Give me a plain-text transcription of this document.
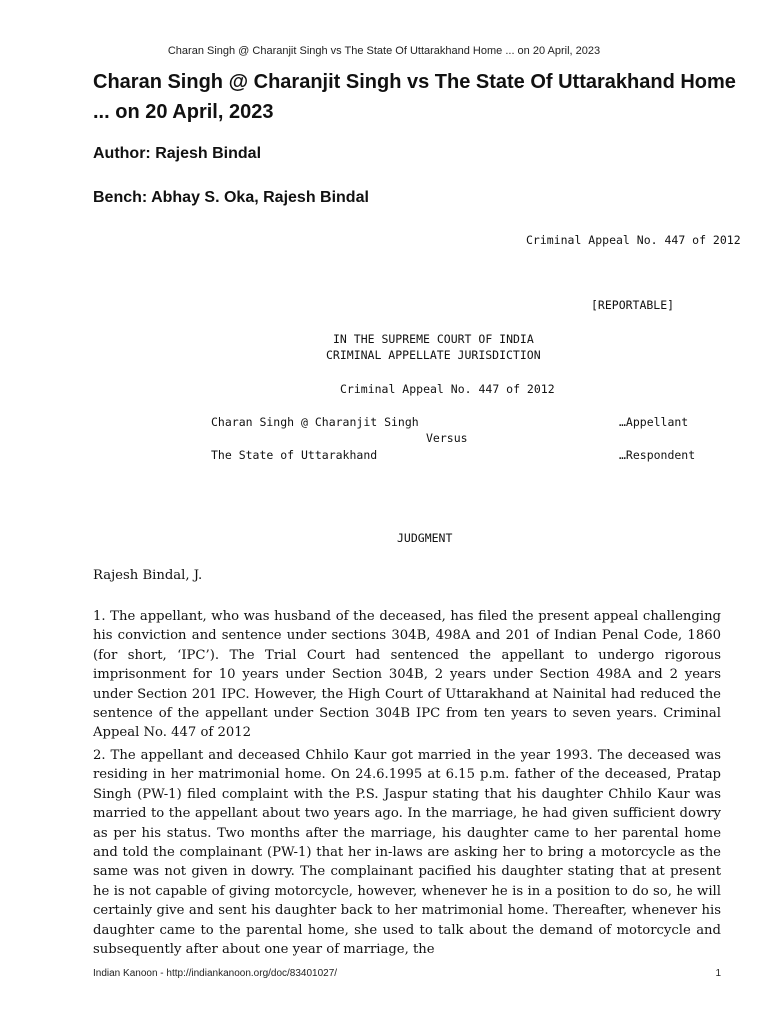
Charan Singh @ Charanjit Singh vs The State Of Uttarakhand Home ... on 20 April, 2023
Charan Singh @ Charanjit Singh vs The State Of Uttarakhand Home ... on 20 April, 2023
Author: Rajesh Bindal
Bench: Abhay S. Oka, Rajesh Bindal
Criminal Appeal No. 447 of 2012
[REPORTABLE]
IN THE SUPREME COURT OF INDIA
CRIMINAL APPELLATE JURISDICTION
Criminal Appeal No. 447 of 2012
Charan Singh @ Charanjit Singh	…Appellant
Versus
The State of Uttarakhand	…Respondent
JUDGMENT

Rajesh Bindal, J.

1. The appellant, who was husband of the deceased, has filed the present appeal challenging his conviction and sentence under sections 304B, 498A and 201 of Indian Penal Code, 1860 (for short, ‘IPC’). The Trial Court had sentenced the appellant to undergo rigorous imprisonment for 10 years under Section 304B, 2 years under Section 498A and 2 years under Section 201 IPC. However, the High Court of Uttarakhand at Nainital had reduced the sentence of the appellant under Section 304B IPC from ten years to seven years. Criminal Appeal No. 447 of 2012

2. The appellant and deceased Chhilo Kaur got married in the year 1993. The deceased was residing in her matrimonial home. On 24.6.1995 at 6.15 p.m. father of the deceased, Pratap Singh (PW-1) filed complaint with the P.S. Jaspur stating that his daughter Chhilo Kaur was married to the appellant about two years ago. In the marriage, he had given sufficient dowry as per his status. Two months after the marriage, his daughter came to her parental home and told the complainant (PW-1) that her in-laws are asking her to bring a motorcycle as the same was not given in dowry. The complainant pacified his daughter stating that at present he is not capable of giving motorcycle, however, whenever he is in a position to do so, he will certainly give and sent his daughter back to her matrimonial home. Thereafter, whenever his daughter came to the parental home, she used to talk about the demand of motorcycle and subsequently after about one year of marriage, the

Indian Kanoon - http://indiankanoon.org/doc/83401027/	1
